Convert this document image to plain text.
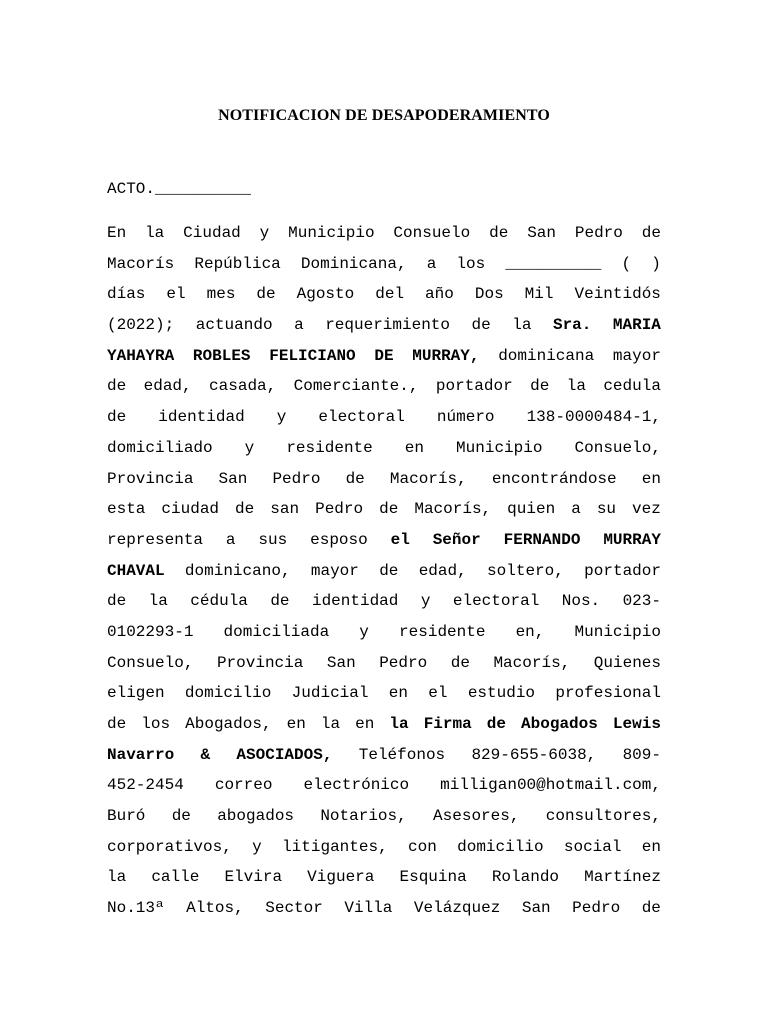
NOTIFICACION DE DESAPODERAMIENTO
ACTO.__________
En la Ciudad y Municipio Consuelo de San Pedro de
Macorís República Dominicana, a los __________ ( )
días el mes de Agosto del año Dos Mil Veintidós
(2022); actuando a requerimiento de la Sra. MARIA
YAHAYRA ROBLES FELICIANO DE MURRAY, dominicana mayor
de edad, casada, Comerciante., portador de la cedula
de identidad y electoral número 138-0000484-1,
domiciliado y residente en Municipio Consuelo,
Provincia San Pedro de Macorís, encontrándose en
esta ciudad de san Pedro de Macorís, quien a su vez
representa a sus esposo el Señor FERNANDO MURRAY
CHAVAL dominicano, mayor de edad, soltero, portador
de la cédula de identidad y electoral Nos. 023-
0102293-1 domiciliada y residente en, Municipio
Consuelo, Provincia San Pedro de Macorís, Quienes
eligen domicilio Judicial en el estudio profesional
de los Abogados, en la en la Firma de Abogados Lewis
Navarro & ASOCIADOS, Teléfonos 829-655-6038, 809-
452-2454 correo electrónico milligan00@hotmail.com,
Buró de abogados Notarios, Asesores, consultores,
corporativos, y litigantes, con domicilio social en
la calle Elvira Viguera Esquina Rolando Martínez
No.13ª Altos, Sector Villa Velázquez San Pedro de
